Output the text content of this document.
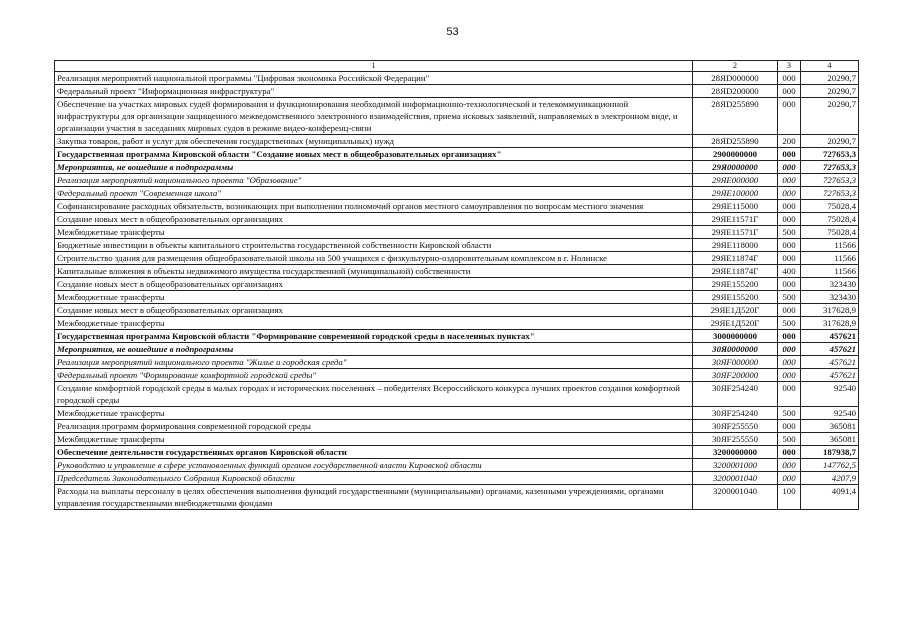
53
1	2	3	4
Реализация мероприятий национальной программы "Цифровая экономика Российской Федерации"	28ЯD000000	000	20290,7
Федеральный проект "Информационная инфраструктура"	28ЯD200000	000	20290,7
Обеспечение на участках мировых судей формирования и функционирования необходимой информационно-технологической и телекоммуникационной инфраструктуры для организации защищенного межведомственного электронного взаимодействия, приема исковых заявлений, направляемых в электронном виде, и организации участия в заседаниях мировых судов в режиме видео-конференц-связи	28ЯD255890	000	20290,7
Закупка товаров, работ и услуг для обеспечения государственных (муниципальных) нужд	28ЯD255890	200	20290,7
Государственная программа Кировской области "Создание новых мест в общеобразовательных организациях"	2900000000	000	727653,3
Мероприятия, не вошедшие в подпрограммы	29Я0000000	000	727653,3
Реализация мероприятий национального проекта "Образование"	29ЯЕ000000	000	727653,3
Федеральный проект "Современная школа"	29ЯЕ100000	000	727653,3
Софинансирование расходных обязательств, возникающих при выполнении полномочий органов местного самоуправления по вопросам местного значения	29ЯЕ115000	000	75028,4
Создание новых мест в общеобразовательных организациях	29ЯЕ11571Г	000	75028,4
Межбюджетные трансферты	29ЯЕ11571Г	500	75028,4
Бюджетные инвестиции в объекты капитального строительства государственной собственности Кировской области	29ЯЕ118000	000	11566
Строительство здания для размещения общеобразовательной школы на 500 учащихся с физкультурно-оздоровительным комплексом в г. Нолинске	29ЯЕ11874Г	000	11566
Капитальные вложения в объекты недвижимого имущества государственной (муниципальной) собственности	29ЯЕ11874Г	400	11566
Создание новых мест в общеобразовательных организациях	29ЯЕ155200	000	323430
Межбюджетные трансферты	29ЯЕ155200	500	323430
Создание новых мест в общеобразовательных организациях	29ЯЕ1Д520Г	000	317628,9
Межбюджетные трансферты	29ЯЕ1Д520Г	500	317628,9
Государственная программа Кировской области "Формирование современной городской среды в населенных пунктах"	3000000000	000	457621
Мероприятия, не вошедшие в подпрограммы	30Я0000000	000	457621
Реализация мероприятий национального проекта "Жилье и городская среда"	30ЯF000000	000	457621
Федеральный проект "Формирование комфортной городской среды"	30ЯF200000	000	457621
Создание комфортной городской среды в малых городах и исторических поселениях – победителях Всероссийского конкурса лучших проектов создания комфортной городской среды	30ЯF254240	000	92540
Межбюджетные трансферты	30ЯF254240	500	92540
Реализация программ формирования современной городской среды	30ЯF255550	000	365081
Межбюджетные трансферты	30ЯF255550	500	365081
Обеспечение деятельности государственных органов Кировской области	3200000000	000	187938,7
Руководство и управление в сфере установленных функций органов государственной власти Кировской области	3200001000	000	147762,5
Председатель Законодательного Собрания Кировской области	3200001040	000	4207,9
Расходы на выплаты персоналу в целях обеспечения выполнения функций государственными (муниципальными) органами, казенными учреждениями, органами управления государственными внебюджетными фондами	3200001040	100	4091,4
